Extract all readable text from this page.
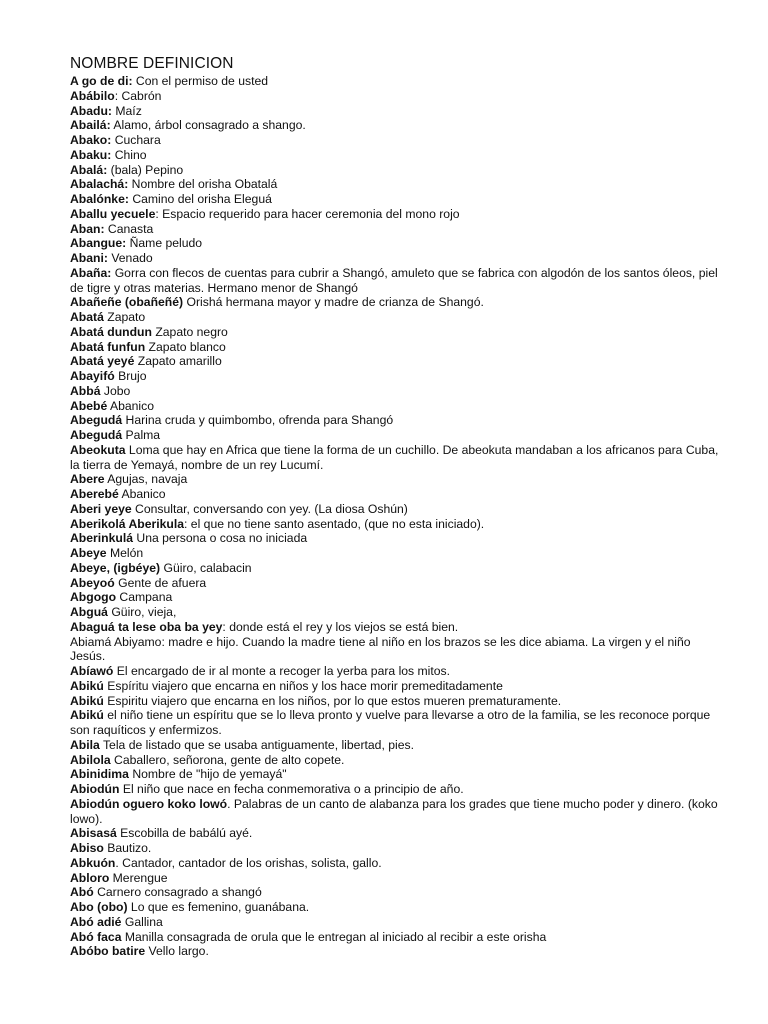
NOMBRE DEFINICION
A go de di: Con el permiso de usted
Abábilo: Cabrón
Abadu: Maíz
Abailá: Alamo, árbol consagrado a shango.
Abako: Cuchara
Abaku: Chino
Abalá: (bala) Pepino
Abalachá: Nombre del orisha Obatalá
Abalónke: Camino del orisha Eleguá
Aballu yecuele: Espacio requerido para hacer ceremonia del mono rojo
Aban: Canasta
Abangue: Ñame peludo
Abani: Venado
Abaña: Gorra con flecos de cuentas para cubrir a Shangó, amuleto que se fabrica con algodón de los santos óleos, piel de tigre y otras materias. Hermano menor de Shangó
Abañeñe (obañeñé) Orishá hermana mayor y madre de crianza de Shangó.
Abatá Zapato
Abatá dundun Zapato negro
Abatá funfun Zapato blanco
Abatá yeyé Zapato amarillo
Abayifó Brujo
Abbá Jobo
Abebé Abanico
Abegudá Harina cruda y quimbombo, ofrenda para Shangó
Abegudá Palma
Abeokuta Loma que hay en Africa que tiene la forma de un cuchillo. De abeokuta mandaban a los africanos para Cuba, la tierra de Yemayá, nombre de un rey Lucumí.
Abere Agujas, navaja
Aberebé Abanico
Aberi yeye Consultar, conversando con yey. (La diosa Oshún)
Aberikolá Aberikula: el que no tiene santo asentado, (que no esta iniciado).
Aberinkulá Una persona o cosa no iniciada
Abeye Melón
Abeye, (igbéye) Güiro, calabacin
Abeyoó Gente de afuera
Abgogo Campana
Abguá Güiro, vieja,
Abaguá ta lese oba ba yey: donde está el rey y los viejos se está bien.
Abiamá Abiyamo: madre e hijo. Cuando la madre tiene al niño en los brazos se les dice abiama. La virgen y el niño Jesús.
Abíawó El encargado de ir al monte a recoger la yerba para los mitos.
Abikú Espíritu viajero que encarna en niños y los hace morir premeditadamente
Abikú Espiritu viajero que encarna en los niños, por lo que estos mueren prematuramente.
Abikú el niño tiene un espíritu que se lo lleva pronto y vuelve para llevarse a otro de la familia, se les reconoce porque son raquíticos y enfermizos.
Abila Tela de listado que se usaba antiguamente, libertad, pies.
Abilola Caballero, señorona, gente de alto copete.
Abinidima Nombre de "hijo de yemayá"
Abiodún El niño que nace en fecha conmemorativa o a principio de año.
Abiodún oguero koko lowó. Palabras de un canto de alabanza para los grades que tiene mucho poder y dinero. (koko lowo).
Abisasá Escobilla de babálú ayé.
Abiso Bautizo.
Abkuón. Cantador, cantador de los orishas, solista, gallo.
Abloro Merengue
Abó Carnero consagrado a shangó
Abo (obo) Lo que es femenino, guanábana.
Abó adié Gallina
Abó faca Manilla consagrada de orula que le entregan al iniciado al recibir a este orisha
Abóbo batire Vello largo.
